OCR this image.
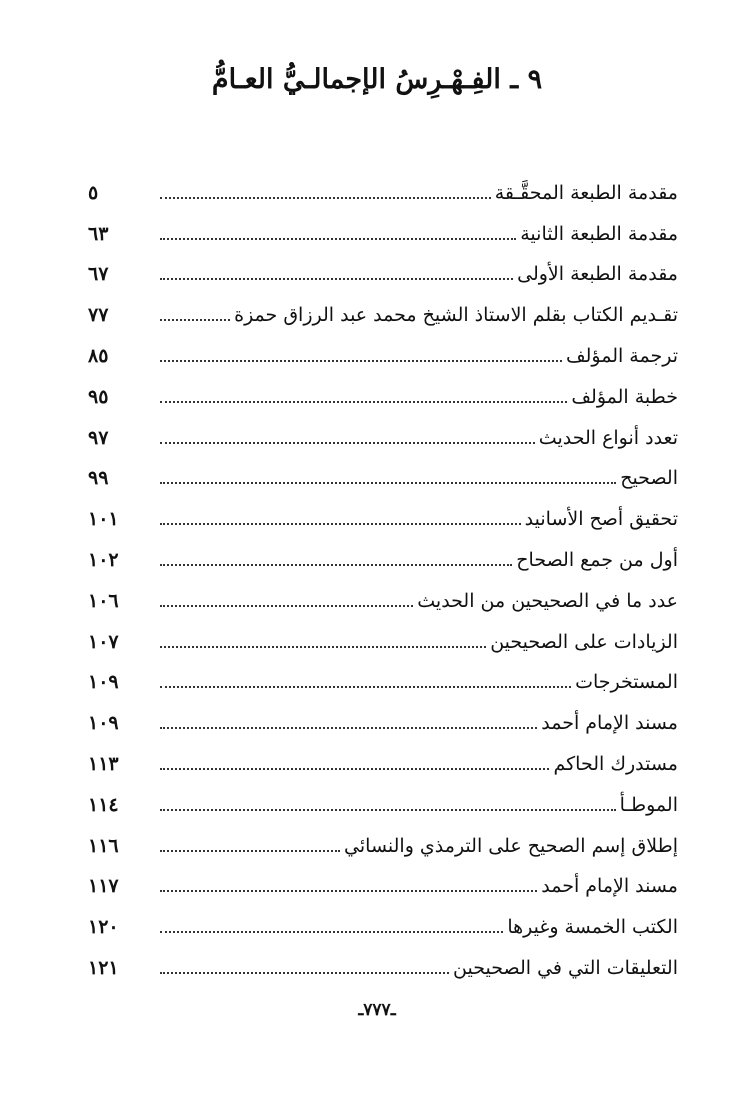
٩ ـ الفِـهْـرِسُ الإجمالـيُّ العـامُّ
مقدمة الطبعة المحقَّـقة
٥
مقدمة الطبعة الثانية
٦٣
مقدمة الطبعة الأولى
٦٧
تقـديم الكتاب بقلم الاستاذ الشيخ محمد عبد الرزاق حمزة
٧٧
ترجمة المؤلف
٨٥
خطبة المؤلف
٩٥
تعدد أنواع الحديث
٩٧
الصحيح
٩٩
تحقيق أصح الأسانيد
١٠١
أول من جمع الصحاح
١٠٢
عدد ما في الصحيحين من الحديث
١٠٦
الزيادات على الصحيحين
١٠٧
المستخرجات
١٠٩
مسند الإمام أحمد
١٠٩
مستدرك الحاكم
١١٣
الموطـأ
١١٤
إطلاق إسم الصحيح على الترمذي والنسائي
١١٦
مسند الإمام أحمد
١١٧
الكتب الخمسة وغيرها
١٢٠
التعليقات التي في الصحيحين
١٢١
ـ٧٧٧ـ
